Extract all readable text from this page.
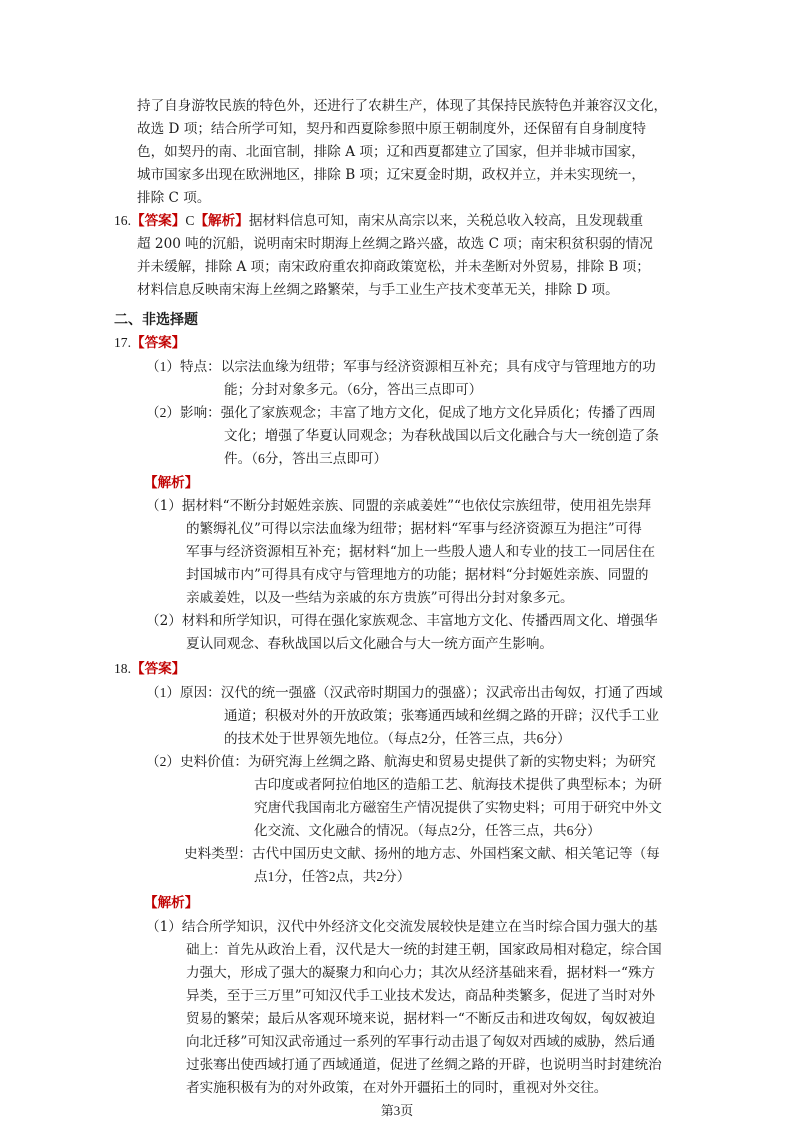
持了自身游牧民族的特色外，还进行了农耕生产，体现了其保持民族特色并兼容汉文化，
故选 D 项；结合所学可知，契丹和西夏除参照中原王朝制度外，还保留有自身制度特
色，如契丹的南、北面官制，排除 A 项；辽和西夏都建立了国家，但并非城市国家，
城市国家多出现在欧洲地区，排除 B 项；辽宋夏金时期，政权并立，并未实现统一，
排除 C 项。
16.【答案】C【解析】据材料信息可知，南宋从高宗以来，关税总收入较高，且发现载重
超 200 吨的沉船，说明南宋时期海上丝绸之路兴盛，故选 C 项；南宋积贫积弱的情况
并未缓解，排除 A 项；南宋政府重农抑商政策宽松，并未垄断对外贸易，排除 B 项；
材料信息反映南宋海上丝绸之路繁荣，与手工业生产技术变革无关，排除 D 项。
二、非选择题
17.【答案】
（1）特点：以宗法血缘为纽带；军事与经济资源相互补充；具有戍守与管理地方的功
能；分封对象多元。（6分，答出三点即可）
（2）影响：强化了家族观念；丰富了地方文化，促成了地方文化异质化；传播了西周
文化；增强了华夏认同观念；为春秋战国以后文化融合与大一统创造了条
件。（6分，答出三点即可）
【解析】
（1）据材料“不断分封姬姓亲族、同盟的亲戚姜姓”“也依仗宗族纽带，使用祖先崇拜
的繁缛礼仪”可得以宗法血缘为纽带；据材料“军事与经济资源互为挹注”可得
军事与经济资源相互补充；据材料“加上一些殷人遗人和专业的技工一同居住在
封国城市内”可得具有戍守与管理地方的功能；据材料“分封姬姓亲族、同盟的
亲戚姜姓，以及一些结为亲戚的东方贵族”可得出分封对象多元。
（2）材料和所学知识，可得在强化家族观念、丰富地方文化、传播西周文化、增强华
夏认同观念、春秋战国以后文化融合与大一统方面产生影响。
18.【答案】
（1）原因：汉代的统一强盛（汉武帝时期国力的强盛）；汉武帝出击匈奴，打通了西域
通道；积极对外的开放政策；张骞通西域和丝绸之路的开辟；汉代手工业
的技术处于世界领先地位。（每点2分，任答三点，共6分）
（2）史料价值：为研究海上丝绸之路、航海史和贸易史提供了新的实物史料；为研究
古印度或者阿拉伯地区的造船工艺、航海技术提供了典型标本；为研
究唐代我国南北方磁窑生产情况提供了实物史料；可用于研究中外文
化交流、文化融合的情况。（每点2分，任答三点，共6分）
史料类型：古代中国历史文献、扬州的地方志、外国档案文献、相关笔记等（每
点1分，任答2点，共2分）
【解析】
（1）结合所学知识，汉代中外经济文化交流发展较快是建立在当时综合国力强大的基
础上：首先从政治上看，汉代是大一统的封建王朝，国家政局相对稳定，综合国
力强大，形成了强大的凝聚力和向心力；其次从经济基础来看，据材料一“殊方
异类，至于三万里”可知汉代手工业技术发达，商品种类繁多，促进了当时对外
贸易的繁荣；最后从客观环境来说，据材料一“不断反击和进攻匈奴，匈奴被迫
向北迁移”可知汉武帝通过一系列的军事行动击退了匈奴对西域的威胁，然后通
过张骞出使西域打通了西域通道，促进了丝绸之路的开辟，也说明当时封建统治
者实施积极有为的对外政策，在对外开疆拓土的同时，重视对外交往。
第3页
